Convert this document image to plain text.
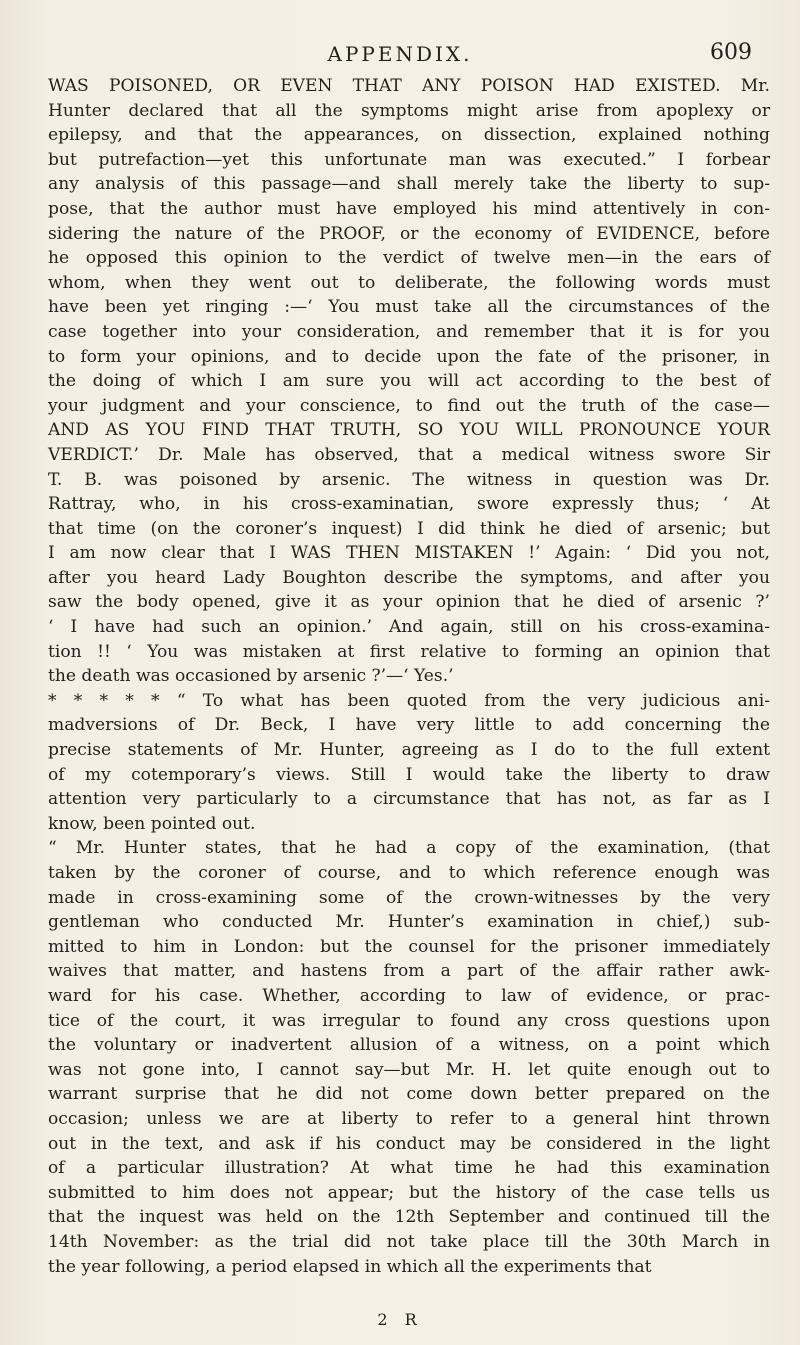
APPENDIX.	609
WAS POISONED, OR EVEN THAT ANY POISON HAD EXISTED. Mr.
Hunter declared that all the symptoms might arise from apoplexy or
epilepsy, and that the appearances, on dissection, explained nothing
but putrefaction—yet this unfortunate man was executed.” I forbear
any analysis of this passage—and shall merely take the liberty to sup-
pose, that the author must have employed his mind attentively in con-
sidering the nature of the PROOF, or the economy of EVIDENCE, before
he opposed this opinion to the verdict of twelve men—in the ears of
whom, when they went out to deliberate, the following words must
have been yet ringing :—‘ You must take all the circumstances of the
case together into your consideration, and remember that it is for you
to form your opinions, and to decide upon the fate of the prisoner, in
the doing of which I am sure you will act according to the best of
your judgment and your conscience, to find out the truth of the case—
AND AS YOU FIND THAT TRUTH, SO YOU WILL PRONOUNCE YOUR
VERDICT.’ Dr. Male has observed, that a medical witness swore Sir
T. B. was poisoned by arsenic. The witness in question was Dr.
Rattray, who, in his cross-examinatian, swore expressly thus; ‘ At
that time (on the coroner’s inquest) I did think he died of arsenic; but
I am now clear that I WAS THEN MISTAKEN !’ Again: ‘ Did you not,
after you heard Lady Boughton describe the symptoms, and after you
saw the body opened, give it as your opinion that he died of arsenic ?’
‘ I have had such an opinion.’ And again, still on his cross-examina-
tion !! ‘ You was mistaken at first relative to forming an opinion that
the death was occasioned by arsenic ?’—‘ Yes.’
* * * * * “ To what has been quoted from the very judicious ani-
madversions of Dr. Beck, I have very little to add concerning the
precise statements of Mr. Hunter, agreeing as I do to the full extent
of my cotemporary’s views. Still I would take the liberty to draw
attention very particularly to a circumstance that has not, as far as I
know, been pointed out.
“ Mr. Hunter states, that he had a copy of the examination, (that
taken by the coroner of course, and to which reference enough was
made in cross-examining some of the crown-witnesses by the very
gentleman who conducted Mr. Hunter’s examination in chief,) sub-
mitted to him in London: but the counsel for the prisoner immediately
waives that matter, and hastens from a part of the affair rather awk-
ward for his case. Whether, according to law of evidence, or prac-
tice of the court, it was irregular to found any cross questions upon
the voluntary or inadvertent allusion of a witness, on a point which
was not gone into, I cannot say—but Mr. H. let quite enough out to
warrant surprise that he did not come down better prepared on the
occasion; unless we are at liberty to refer to a general hint thrown
out in the text, and ask if his conduct may be considered in the light
of a particular illustration? At what time he had this examination
submitted to him does not appear; but the history of the case tells us
that the inquest was held on the 12th September and continued till the
14th November: as the trial did not take place till the 30th March in
the year following, a period elapsed in which all the experiments that
2 R
